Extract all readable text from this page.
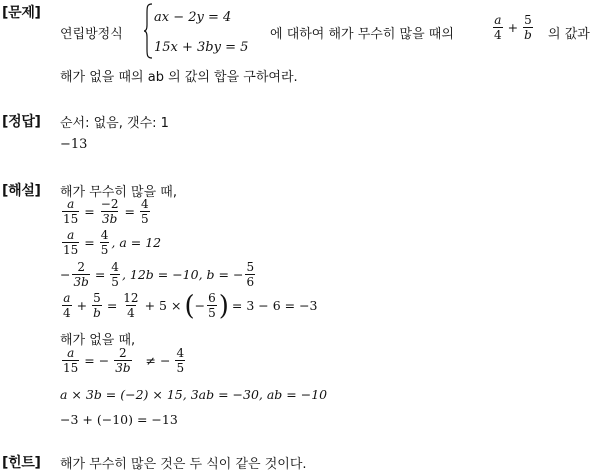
[문제]
연립방정식
ax − 2y = 4
15x + 3by = 5
에 대하여 해가 무수히 많을 때의	$\frac{a}{4} + \frac{5}{b}$ 의 값과
해가 없을 때의 ab 의 값의 합을 구하여라.
[정답] 순서: 없음, 갯수: 1
−13
[해설] 해가 무수히 많을 때,
$\frac{a}{15} = \frac{-2}{3b} = \frac{4}{5}$
$\frac{a}{15} = \frac{4}{5}$ , a = 12
− $\frac{2}{3b} = \frac{4}{5}$ , 12b = −10, b = − $\frac{5}{6}$
$\frac{a}{4} + \frac{5}{b} = \frac{12}{4} + 5$ × ( − $\frac{6}{5}$ ) = 3 − 6 = −3
해가 없을 때,
$\frac{a}{15}$ = − $\frac{2}{3b}$ ≠ − $\frac{4}{5}$
a × 3b = (−2) × 15, 3ab = −30, ab = −10
−3 + (−10) = −13
[힌트] 해가 무수히 많은 것은 두 식이 같은 것이다.
